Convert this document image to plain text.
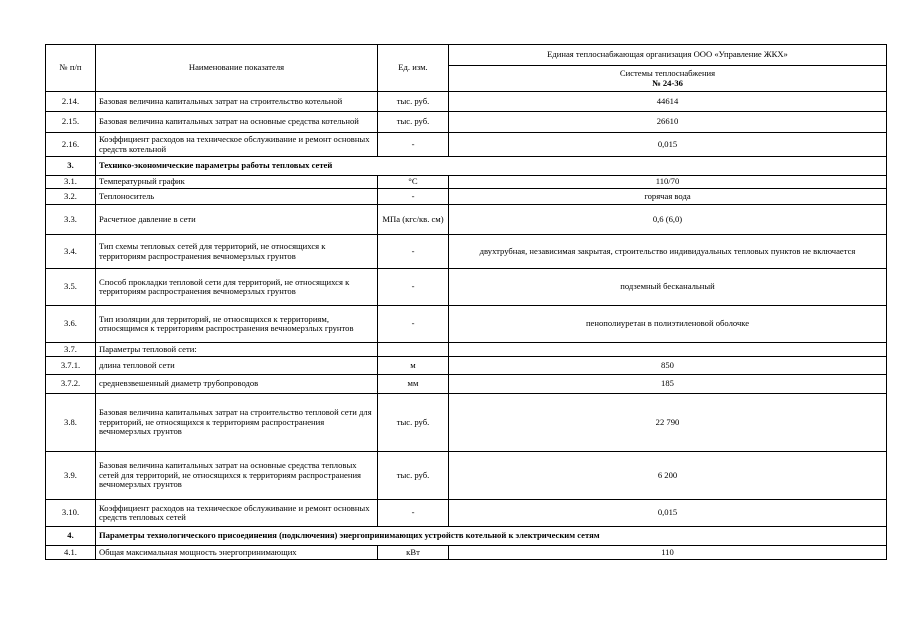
№ п/п	Наименование показателя	Ед. изм.	Единая теплоснабжающая организация ООО «Управление ЖКХ»
			Системы теплоснабжения
№ 24-36
2.14.	Базовая величина капитальных затрат на строительство котельной	тыс. руб.	44614
2.15.	Базовая величина капитальных затрат на основные средства котельной	тыс. руб.	26610
2.16.	Коэффициент расходов на техническое обслуживание и ремонт основных средств котельной	-	0,015
3.	Технико-экономические параметры работы тепловых сетей		
3.1.	Температурный график	°С	110/70
3.2.	Теплоноситель	-	горячая вода
3.3.	Расчетное давление в сети	МПа (кгс/кв. см)	0,6 (6,0)
3.4.	Тип схемы тепловых сетей для территорий, не относящихся к территориям распространения вечномерзлых грунтов	-	двухтрубная, независимая закрытая, строительство индивидуальных тепловых пунктов не включается
3.5.	Способ прокладки тепловой сети для территорий, не относящихся к территориям распространения вечномерзлых грунтов	-	подземный бесканальный
3.6.	Тип изоляции для территорий, не относящихся к территориям, относящимся к территориям распространения вечномерзлых грунтов	-	пенополиуретан в полиэтиленовой оболочке
3.7.	Параметры тепловой сети:		
3.7.1.	длина тепловой сети	м	850
3.7.2.	средневзвешенный диаметр трубопроводов	мм	185
3.8.	Базовая величина капитальных затрат на строительство тепловой сети для территорий, не относящихся к территориям распространения вечномерзлых грунтов	тыс. руб.	22 790
3.9.	Базовая величина капитальных затрат на основные средства тепловых сетей для территорий, не относящихся к территориям распространения вечномерзлых грунтов	тыс. руб.	6 200
3.10.	Коэффициент расходов на техническое обслуживание и ремонт основных средств тепловых сетей	-	0,015
4.	Параметры технологического присоединения (подключения) энергопринимающих устройств котельной к электрическим сетям		
4.1.	Общая максимальная мощность энергопринимающих	кВт	110
